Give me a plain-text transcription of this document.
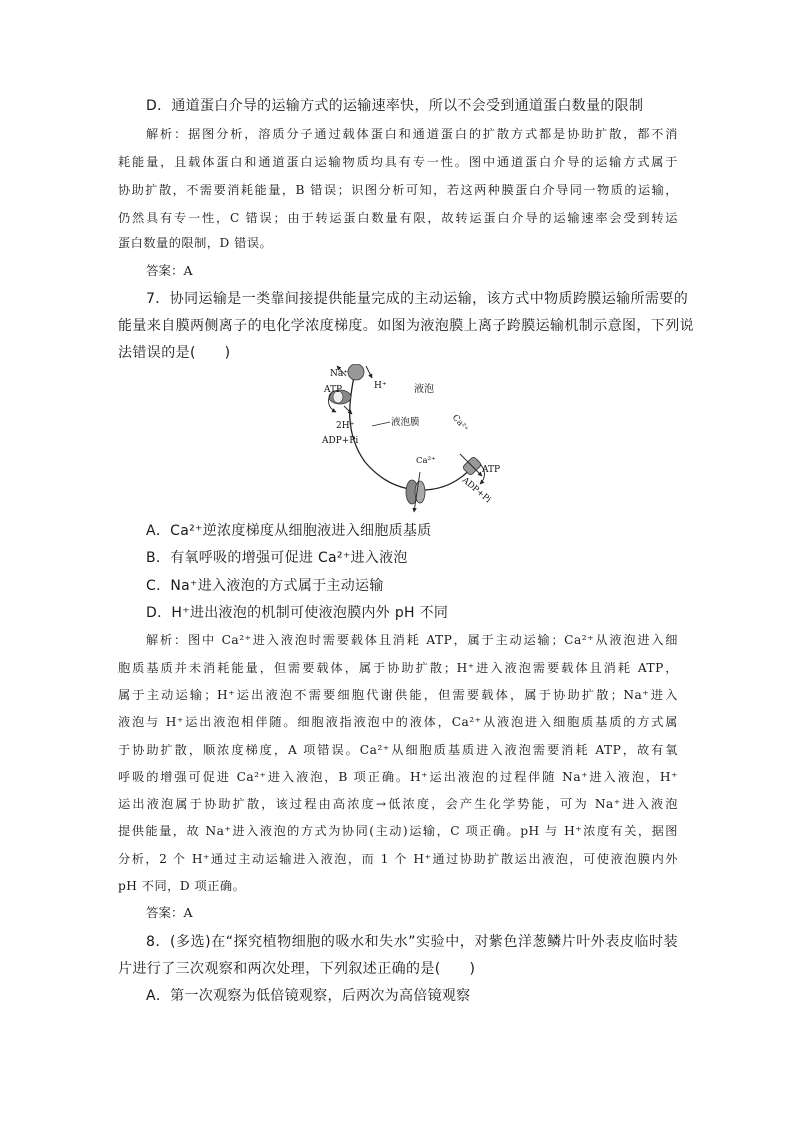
D．通道蛋白介导的运输方式的运输速率快，所以不会受到通道蛋白数量的限制
解析：据图分析，溶质分子通过载体蛋白和通道蛋白的扩散方式都是协助扩散，都不消
耗能量，且载体蛋白和通道蛋白运输物质均具有专一性。图中通道蛋白介导的运输方式属于
协助扩散，不需要消耗能量，B 错误；识图分析可知，若这两种膜蛋白介导同一物质的运输，
仍然具有专一性，C 错误；由于转运蛋白数量有限，故转运蛋白介导的运输速率会受到转运
蛋白数量的限制，D 错误。
答案：A
7．协同运输是一类靠间接提供能量完成的主动运输，该方式中物质跨膜运输所需要的
能量来自膜两侧离子的电化学浓度梯度。如图为液泡膜上离子跨膜运输机制示意图，下列说
法错误的是(　　)
Na⁺
H⁺
ATP
2H⁺
ADP+Pi
液泡
液泡膜
Ca²⁺
Ca²⁺
ATP
ADP+Pi
A．Ca²⁺逆浓度梯度从细胞液进入细胞质基质
B．有氧呼吸的增强可促进 Ca²⁺进入液泡
C．Na⁺进入液泡的方式属于主动运输
D．H⁺进出液泡的机制可使液泡膜内外 pH 不同
解析：图中 Ca²⁺进入液泡时需要载体且消耗 ATP，属于主动运输；Ca²⁺从液泡进入细
胞质基质并未消耗能量，但需要载体，属于协助扩散；H⁺进入液泡需要载体且消耗 ATP，
属于主动运输；H⁺运出液泡不需要细胞代谢供能，但需要载体，属于协助扩散；Na⁺进入
液泡与 H⁺运出液泡相伴随。细胞液指液泡中的液体，Ca²⁺从液泡进入细胞质基质的方式属
于协助扩散，顺浓度梯度，A 项错误。Ca²⁺从细胞质基质进入液泡需要消耗 ATP，故有氧
呼吸的增强可促进 Ca²⁺进入液泡，B 项正确。H⁺运出液泡的过程伴随 Na⁺进入液泡，H⁺
运出液泡属于协助扩散，该过程由高浓度→低浓度，会产生化学势能，可为 Na⁺进入液泡
提供能量，故 Na⁺进入液泡的方式为协同(主动)运输，C 项正确。pH 与 H⁺浓度有关，据图
分析，2 个 H⁺通过主动运输进入液泡，而 1 个 H⁺通过协助扩散运出液泡，可使液泡膜内外
pH 不同，D 项正确。
答案：A
8．(多选)在“探究植物细胞的吸水和失水”实验中，对紫色洋葱鳞片叶外表皮临时装
片进行了三次观察和两次处理，下列叙述正确的是(　　)
A．第一次观察为低倍镜观察，后两次为高倍镜观察
